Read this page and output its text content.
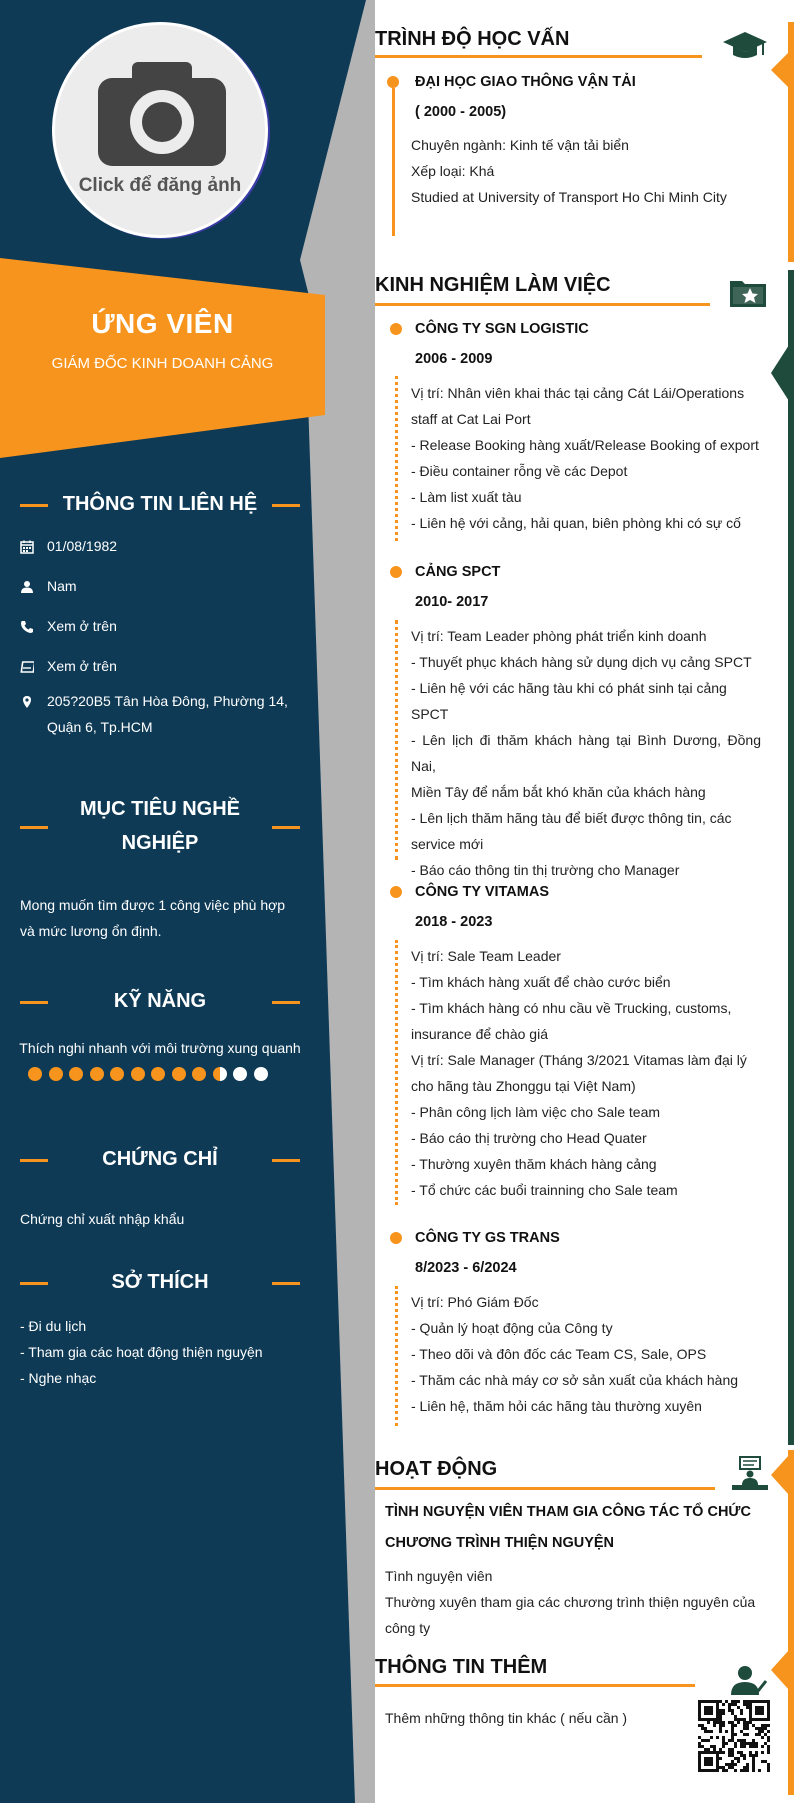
Click để đăng ảnh
ỨNG VIÊN
GIÁM ĐỐC KINH DOANH CẢNG
THÔNG TIN LIÊN HỆ
01/08/1982
Nam
Xem ở trên
Xem ở trên
205?20B5 Tân Hòa Đông, Phường 14,
Quận 6, Tp.HCM
MỤC TIÊU NGHỀ
NGHIỆP
Mong muốn tìm được 1 công việc phù hợp
và mức lương ổn định.
KỸ NĂNG
Thích nghi nhanh với môi trường xung quanh
CHỨNG CHỈ
Chứng chỉ xuất nhập khẩu
SỞ THÍCH
- Đi du lịch
- Tham gia các hoạt động thiện nguyện
- Nghe nhạc
TRÌNH ĐỘ HỌC VẤN
ĐẠI HỌC GIAO THÔNG VẬN TẢI
( 2000 - 2005)
Chuyên ngành: Kinh tế vận tải biển
Xếp loại: Khá
Studied at University of Transport Ho Chi Minh City
KINH NGHIỆM LÀM VIỆC
CÔNG TY SGN LOGISTIC
2006 - 2009
Vị trí: Nhân viên khai thác tại cảng Cát Lái/Operations
staff at Cat Lai Port
- Release Booking hàng xuất/Release Booking of export
- Điều container rỗng về các Depot
- Làm list xuất tàu
- Liên hệ với cảng, hải quan, biên phòng khi có sự cố
CẢNG SPCT
2010- 2017
Vị trí: Team Leader phòng phát triển kinh doanh
- Thuyết phục khách hàng sử dụng dịch vụ cảng SPCT
- Liên hệ với các hãng tàu khi có phát sinh tại cảng
SPCT
- Lên lịch đi thăm khách hàng tại Bình Dương, Đồng Nai,
Miền Tây để nắm bắt khó khăn của khách hàng
- Lên lịch thăm hãng tàu để biết được thông tin, các
service mới
- Báo cáo thông tin thị trường cho Manager
CÔNG TY VITAMAS
2018 - 2023
Vị trí: Sale Team Leader
- Tìm khách hàng xuất để chào cước biển
- Tìm khách hàng có nhu cầu về Trucking, customs,
insurance để chào giá
Vị trí: Sale Manager (Tháng 3/2021 Vitamas làm đại lý
cho hãng tàu Zhonggu tại Việt Nam)
- Phân công lịch làm việc cho Sale team
- Báo cáo thị trường cho Head Quater
- Thường xuyên thăm khách hàng cảng
- Tổ chức các buổi trainning cho Sale team
CÔNG TY GS TRANS
8/2023 - 6/2024
Vị trí: Phó Giám Đốc
- Quản lý hoạt động của Công ty
- Theo dõi và đôn đốc các Team CS, Sale, OPS
- Thăm các nhà máy cơ sở sản xuất của khách hàng
- Liên hệ, thăm hỏi các hãng tàu thường xuyên
HOẠT ĐỘNG
TÌNH NGUYỆN VIÊN THAM GIA CÔNG TÁC TỔ CHỨC
CHƯƠNG TRÌNH THIỆN NGUYỆN
Tình nguyện viên
Thường xuyên tham gia các chương trình thiện nguyên của
công ty
THÔNG TIN THÊM
Thêm những thông tin khác ( nếu cần )
